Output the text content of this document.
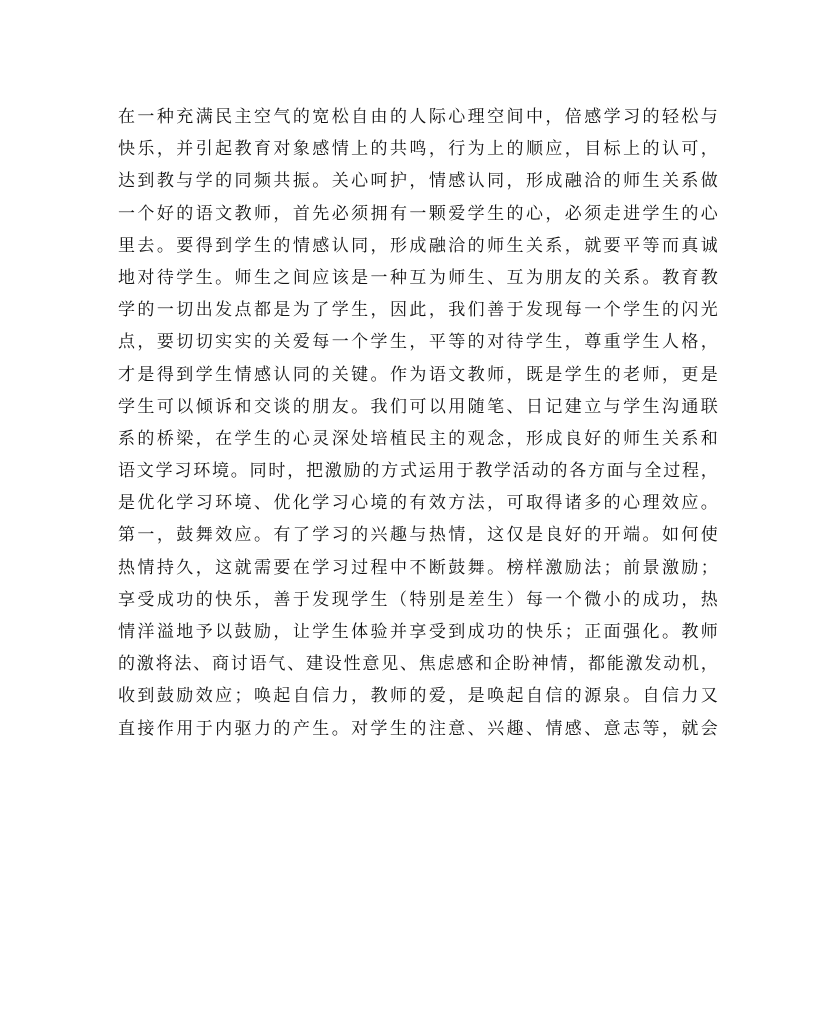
在一种充满民主空气的宽松自由的人际心理空间中，倍感学习的轻松与
快乐，并引起教育对象感情上的共鸣，行为上的顺应，目标上的认可，
达到教与学的同频共振。关心呵护，情感认同，形成融洽的师生关系做
一个好的语文教师，首先必须拥有一颗爱学生的心，必须走进学生的心
里去。要得到学生的情感认同，形成融洽的师生关系，就要平等而真诚
地对待学生。师生之间应该是一种互为师生、互为朋友的关系。教育教
学的一切出发点都是为了学生，因此，我们善于发现每一个学生的闪光
点，要切切实实的关爱每一个学生，平等的对待学生，尊重学生人格，
才是得到学生情感认同的关键。作为语文教师，既是学生的老师，更是
学生可以倾诉和交谈的朋友。我们可以用随笔、日记建立与学生沟通联
系的桥梁，在学生的心灵深处培植民主的观念，形成良好的师生关系和
语文学习环境。同时，把激励的方式运用于教学活动的各方面与全过程，
是优化学习环境、优化学习心境的有效方法，可取得诸多的心理效应。
第一，鼓舞效应。有了学习的兴趣与热情，这仅是良好的开端。如何使
热情持久，这就需要在学习过程中不断鼓舞。榜样激励法；前景激励；
享受成功的快乐，善于发现学生（特别是差生）每一个微小的成功，热
情洋溢地予以鼓励，让学生体验并享受到成功的快乐；正面强化。教师
的激将法、商讨语气、建设性意见、焦虑感和企盼神情，都能激发动机，
收到鼓励效应；唤起自信力，教师的爱，是唤起自信的源泉。自信力又
直接作用于内驱力的产生。对学生的注意、兴趣、情感、意志等，就会
